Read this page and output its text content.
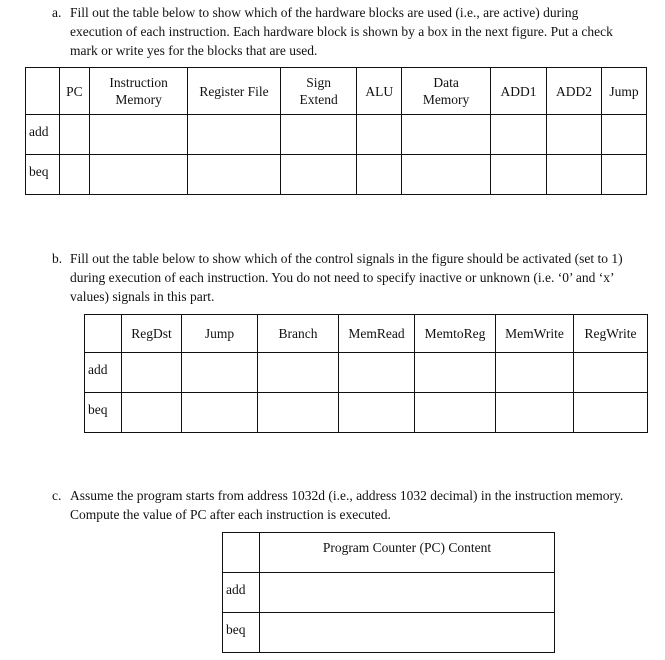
a. Fill out the table below to show which of the hardware blocks are used (i.e., are active) during execution of each instruction. Each hardware block is shown by a box in the next figure. Put a check mark or write yes for the blocks that are used.
	PC	Instruction Memory	Register File	Sign Extend	ALU	Data Memory	ADD1	ADD2	Jump
add									
beq									
b. Fill out the table below to show which of the control signals in the figure should be activated (set to 1) during execution of each instruction. You do not need to specify inactive or unknown (i.e. ‘0’ and ‘x’ values) signals in this part.
	RegDst	Jump	Branch	MemRead	MemtoReg	MemWrite	RegWrite
add							
beq							
c. Assume the program starts from address 1032d (i.e., address 1032 decimal) in the instruction memory. Compute the value of PC after each instruction is executed.
	Program Counter (PC) Content
add	
beq	
